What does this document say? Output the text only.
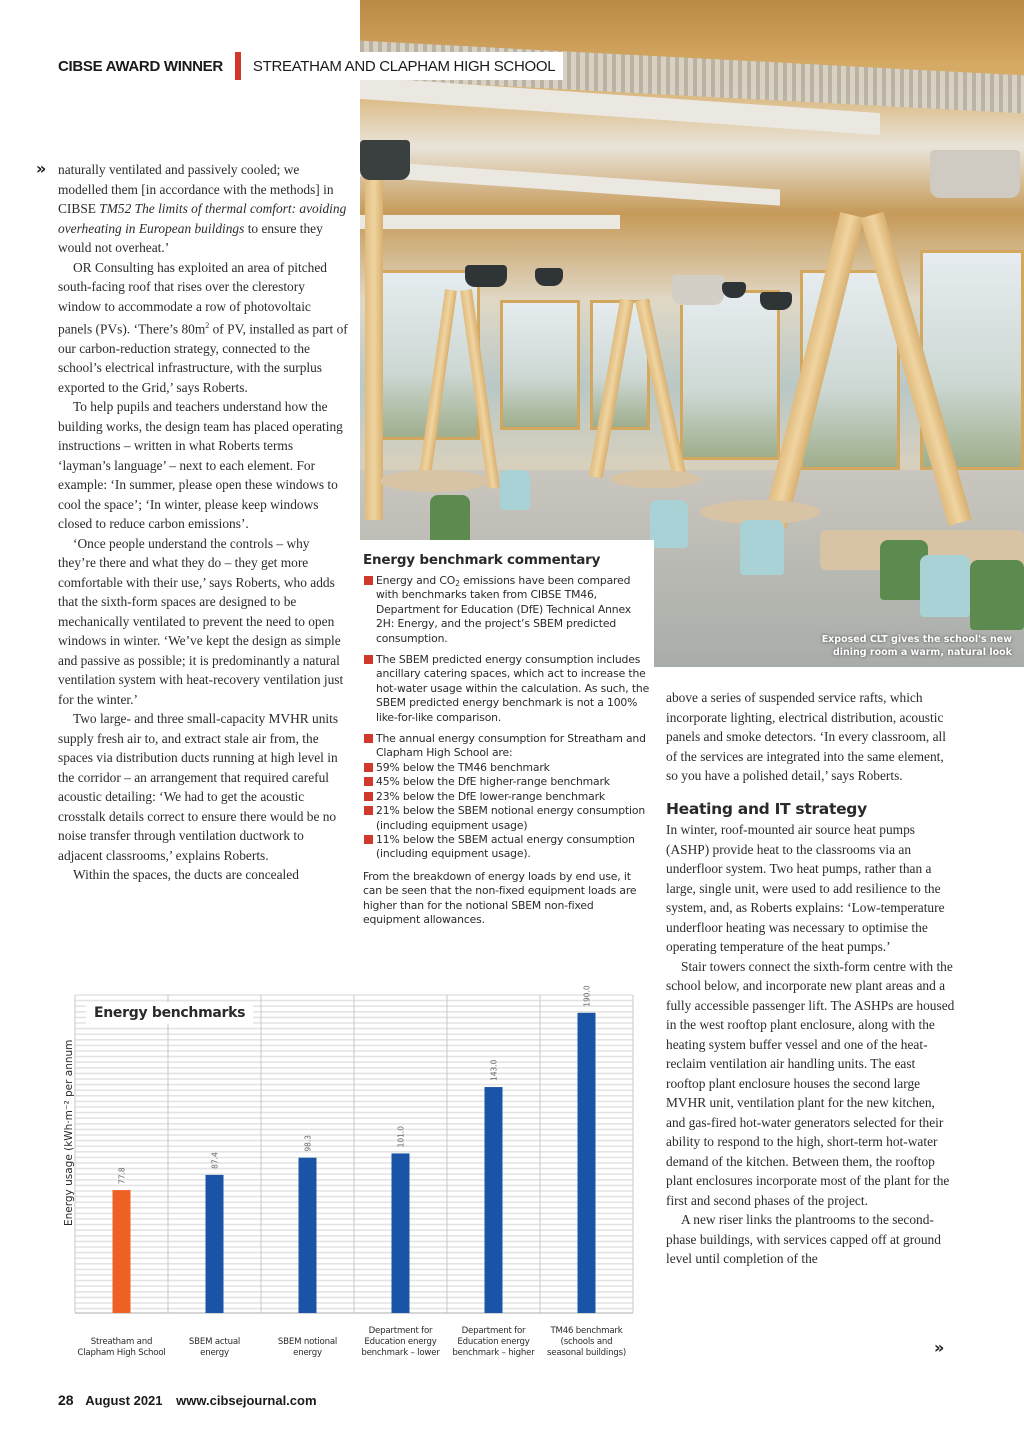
Exposed CLT gives the school's new
dining room a warm, natural look
CIBSE AWARD WINNER STREATHAM AND CLAPHAM HIGH SCHOOL
» naturally ventilated and passively cooled; we modelled them [in accordance with the methods] in CIBSE TM52 The limits of thermal comfort: avoiding overheating in European buildings to ensure they would not overheat.’

OR Consulting has exploited an area of pitched south-facing roof that rises over the clerestory window to accommodate a row of photovoltaic panels (PVs). ‘There’s $80m^2$ of PV, installed as part of our carbon-reduction strategy, connected to the school’s electrical infrastructure, with the surplus exported to the Grid,’ says Roberts.

To help pupils and teachers understand how the building works, the design team has placed operating instructions – written in what Roberts terms ‘layman’s language’ – next to each element. For example: ‘In summer, please open these windows to cool the space’; ‘In winter, please keep windows closed to reduce carbon emissions’.

‘Once people understand the controls – why they’re there and what they do – they get more comfortable with their use,’ says Roberts, who adds that the sixth-form spaces are designed to be mechanically ventilated to prevent the need to open windows in winter. ‘We’ve kept the design as simple and passive as possible; it is predominantly a natural ventilation system with heat-recovery ventilation just for the winter.’

Two large- and three small-capacity MVHR units supply fresh air to, and extract stale air from, the spaces via distribution ducts running at high level in the corridor – an arrangement that required careful acoustic detailing: ‘We had to get the acoustic crosstalk details correct to ensure there would be no noise transfer through ventilation ductwork to adjacent classrooms,’ explains Roberts.

Within the spaces, the ducts are concealed

Energy benchmark commentary
Energy and $CO_2$ emissions have been compared with benchmarks taken from CIBSE TM46, Department for Education (DfE) Technical Annex 2H: Energy, and the project’s SBEM predicted consumption.
The SBEM predicted energy consumption includes ancillary catering spaces, which act to increase the hot-water usage within the calculation. As such, the SBEM predicted energy benchmark is not a 100% like-for-like comparison.
The annual energy consumption for Streatham and Clapham High School are:
59% below the TM46 benchmark
45% below the DfE higher-range benchmark
23% below the DfE lower-range benchmark
21% below the SBEM notional energy consumption (including equipment usage)
11% below the SBEM actual energy consumption (including equipment usage).
From the breakdown of energy loads by end use, it can be seen that the non-fixed equipment loads are higher than for the notional SBEM non-fixed equipment allowances.

above a series of suspended service rafts, which incorporate lighting, electrical distribution, acoustic panels and smoke detectors. ‘In every classroom, all of the services are integrated into the same element, so you have a polished detail,’ says Roberts.

Heating and IT strategy

In winter, roof-mounted air source heat pumps (ASHP) provide heat to the classrooms via an underfloor system. Two heat pumps, rather than a large, single unit, were used to add resilience to the system, and, as Roberts explains: ‘Low-temperature underfloor heating was necessary to optimise the operating temperature of the heat pumps.’

Stair towers connect the sixth-form centre with the school below, and incorporate new plant areas and a fully accessible passenger lift. The ASHPs are housed in the west rooftop plant enclosure, along with the heating system buffer vessel and one of the heat-reclaim ventilation air handling units. The east rooftop plant enclosure houses the second large MVHR unit, ventilation plant for the new kitchen, and gas-fired hot-water generators selected for their ability to respond to the high, short-term hot-water demand of the kitchen. Between them, the rooftop plant enclosures incorporate most of the plant for the first and second phases of the project.

A new riser links the plantrooms to the second-phase buildings, with services capped off at ground level until completion of the

»
77.8
87.4
98.3	101.0
143.0
190.0
Energy benchmarks
Energy usage (kWh·m⁻² per annum
Streatham and
Clapham High School
SBEM actual
energy
SBEM notional
energy
Department for
Education energy
benchmark – lower
Department for
Education energy
benchmark – higher
TM46 benchmark
(schools and
seasonal buildings)
28 August 2021 www.cibsejournal.com
